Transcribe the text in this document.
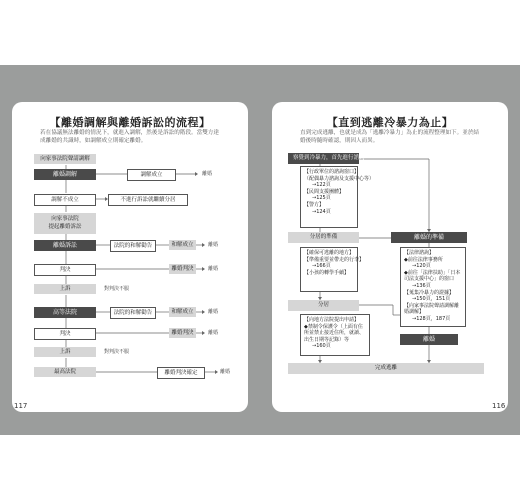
【離婚調解與離婚訴訟的流程】
若在協議無法離婚的情況下，就進入調解，然後是訴訟的階段。當雙方達成離婚的共識時，如調解成立則確定離婚。
向家事法院聲請調解
離婚調解	調解成立	離婚
調解不成立	不進行訴訟就繼續分居
向家事法院
提起離婚訴訟
離婚訴訟	法院的和解勸告	和解成立	離婚
判決	離婚判決	離婚
上訴	對判決不服
高等法院	法院的和解勸告	和解成立	離婚
判決	離婚判決	離婚
上訴	對判決不服
最高法院	離婚判決確定	離婚
117
【直到逃離冷暴力為止】
直到完成逃離，也就是成為「逃離冷暴力」為止的流程整理如下。並於結婚後時隨時確認，則因人而異。
察覺到冷暴力，首先進行諮詢
【行政單位的諮詢窗口】
（配偶暴力諮詢及支援中心等）
→122頁
【民間支援團體】
→125頁
【警方】
→124頁
分居的準備	離婚的準備
【確保可逃離的地方】
【準備重要並帶走的行李】
→166頁
【小孩的轉學手續】
【法律諮詢】
◆前往法律事務所
→120頁
◆前往「法律扶助」「日本司法支援中心」的窗口
→136頁
【蒐集冷暴力的證據】
→150頁，151頁
【向家事法院聲請調解離婚調解】
→128頁，187頁
分居
【向地方法院提出申請】
◆禁制令保護令（上面有住所並禁止接近住所，就讀、出生日期等記錄）等
→160頁
離婚
完成逃離
116
